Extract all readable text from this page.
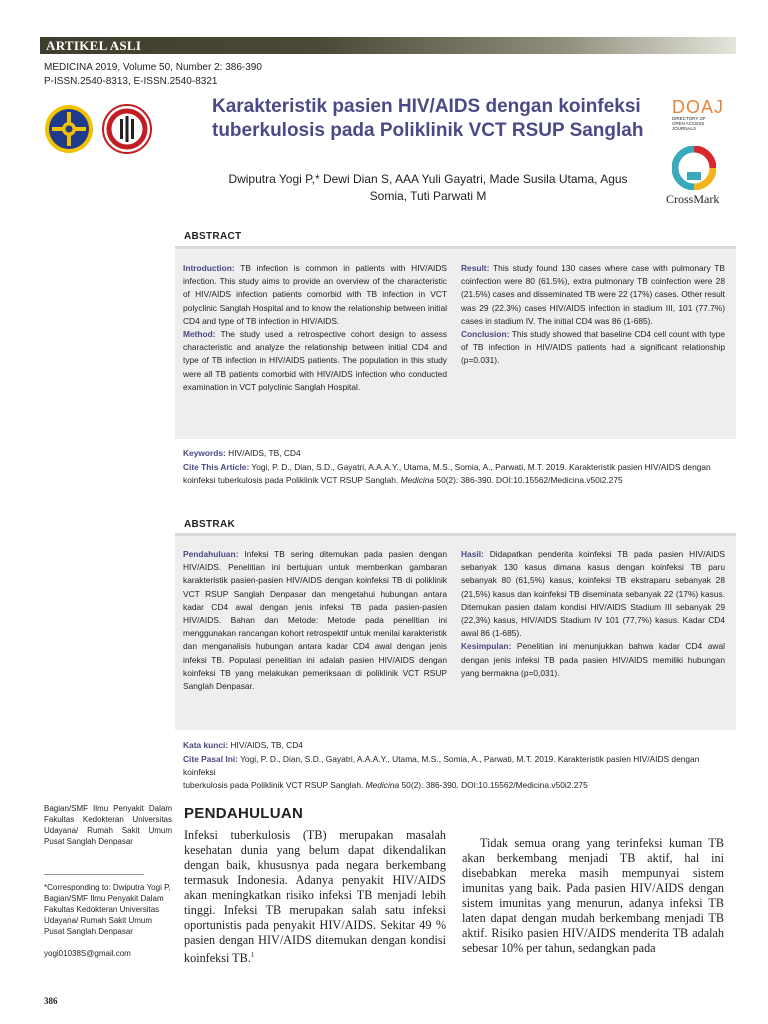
ARTIKEL ASLI
MEDICINA 2019, Volume 50, Number 2: 386-390
P-ISSN.2540-8313, E-ISSN.2540-8321
Karakteristik pasien HIV/AIDS dengan koinfeksi
tuberkulosis pada Poliklinik VCT RSUP Sanglah
DOAJ
DIRECTORY OF
OPEN ACCESS
JOURNALS
CrossMark
Dwiputra Yogi P,* Dewi Dian S, AAA Yuli Gayatri, Made Susila Utama, Agus
Somia, Tuti Parwati M
ABSTRACT

Introduction: TB infection is common in patients with HIV/AIDS infection. This study aims to provide an overview of the characteristic of HIV/AIDS infection patients comorbid with TB infection in VCT polyclinic Sanglah Hospital and to know the relationship between initial CD4 and type of TB infection in HIV/AIDS.

Method: The study used a retrospective cohort design to assess characteristic and analyze the relationship between initial CD4 and type of TB infection in HIV/AIDS patients. The population in this study were all TB patients comorbid with HIV/AIDS infection who conducted examination in VCT polyclinic Sanglah Hospital.

Result: This study found 130 cases where case with pulmonary TB coinfection were 80 (61.5%), extra pulmonary TB coinfection were 28 (21.5%) cases and disseminated TB were 22 (17%) cases. Other result was 29 (22.3%) cases HIV/AIDS infection in stadium III, 101 (77.7%) cases in stadium IV. The initial CD4 was 86 (1-685).

Conclusion: This study showed that baseline CD4 cell count with type of TB infection in HIV/AIDS patients had a significant relationship (p=0.031).

Keywords: HIV/AIDS, TB, CD4
Cite This Article: Yogi, P. D., Dian, S.D., Gayatri, A.A.A.Y., Utama, M.S., Somia, A., Parwati, M.T. 2019. Karakteristik pasien HIV/AIDS dengan
koinfeksi tuberkulosis pada Poliklinik VCT RSUP Sanglah. Medicina 50(2): 386-390. DOI:10.15562/Medicina.v50i2.275
ABSTRAK

Pendahuluan: Infeksi TB sering ditemukan pada pasien dengan HIV/AIDS. Penelitian ini bertujuan untuk memberikan gambaran karakteristik pasien-pasien HIV/AIDS dengan koinfeksi TB di poliklinik VCT RSUP Sanglah Denpasar dan mengetahui hubungan antara kadar CD4 awal dengan jenis infeksi TB pada pasien-pasien HIV/AIDS. Bahan dan Metode: Metode pada penelitian ini menggunakan rancangan kohort retrospektif untuk menilai karakteristik dan menganalisis hubungan antara kadar CD4 awal dengan jenis infeksi TB. Populasi penelitian ini adalah pasien HIV/AIDS dengan koinfeksi TB yang melakukan pemeriksaan di poliklinik VCT RSUP Sanglah Denpasar.

Hasil: Didapatkan penderita koinfeksi TB pada pasien HIV/AIDS sebanyak 130 kasus dimana kasus dengan koinfeksi TB paru sebanyak 80 (61,5%) kasus, koinfeksi TB ekstraparu sebanyak 28 (21,5%) kasus dan koinfeksi TB diseminata sebanyak 22 (17%) kasus. Ditemukan pasien dalam kondisi HIV/AIDS Stadium III sebanyak 29 (22,3%) kasus, HIV/AIDS Stadium IV 101 (77,7%) kasus. Kadar CD4 awal 86 (1-685).

Kesimpulan: Penelitian ini menunjukkan bahwa kadar CD4 awal dengan jenis infeksi TB pada pasien HIV/AIDS memiliki hubungan yang bermakna (p=0,031).

Kata kunci: HIV/AIDS, TB, CD4
Cite Pasal Ini: Yogi, P. D., Dian, S.D., Gayatri, A.A.A.Y., Utama, M.S., Somia, A., Parwati, M.T. 2019. Karakteristik pasien HIV/AIDS dengan koinfeksi
tuberkulosis pada Poliklinik VCT RSUP Sanglah. Medicina 50(2): 386-390. DOI:10.15562/Medicina.v50i2.275
Bagian/SMF Ilmu Penyakit Dalam Fakultas Kedokteran Universitas Udayana/ Rumah Sakit Umum Pusat Sanglah Denpasar
*Corresponding to: Dwiputra Yogi P, Bagian/SMF Ilmu Penyakit Dalam Fakultas Kedokteran Universitas Udayana/ Rumah Sakit Umum Pusat Sanglah Denpasar
yogi01038S@gmail.com
PENDAHULUAN

Infeksi tuberkulosis (TB) merupakan masalah kesehatan dunia yang belum dapat dikendalikan dengan baik, khususnya pada negara berkembang termasuk Indonesia. Adanya penyakit HIV/AIDS akan meningkatkan risiko infeksi TB menjadi lebih tinggi. Infeksi TB merupakan salah satu infeksi oportunistis pada penyakit HIV/AIDS. Sekitar 49 % pasien dengan HIV/AIDS ditemukan dengan kondisi koinfeksi TB.$^1$

Tidak semua orang yang terinfeksi kuman TB akan berkembang menjadi TB aktif, hal ini disebabkan mereka masih mempunyai sistem imunitas yang baik. Pada pasien HIV/AIDS dengan sistem imunitas yang menurun, adanya infeksi TB laten dapat dengan mudah berkembang menjadi TB aktif. Risiko pasien HIV/AIDS menderita TB adalah sebesar 10% per tahun, sedangkan pada

386
